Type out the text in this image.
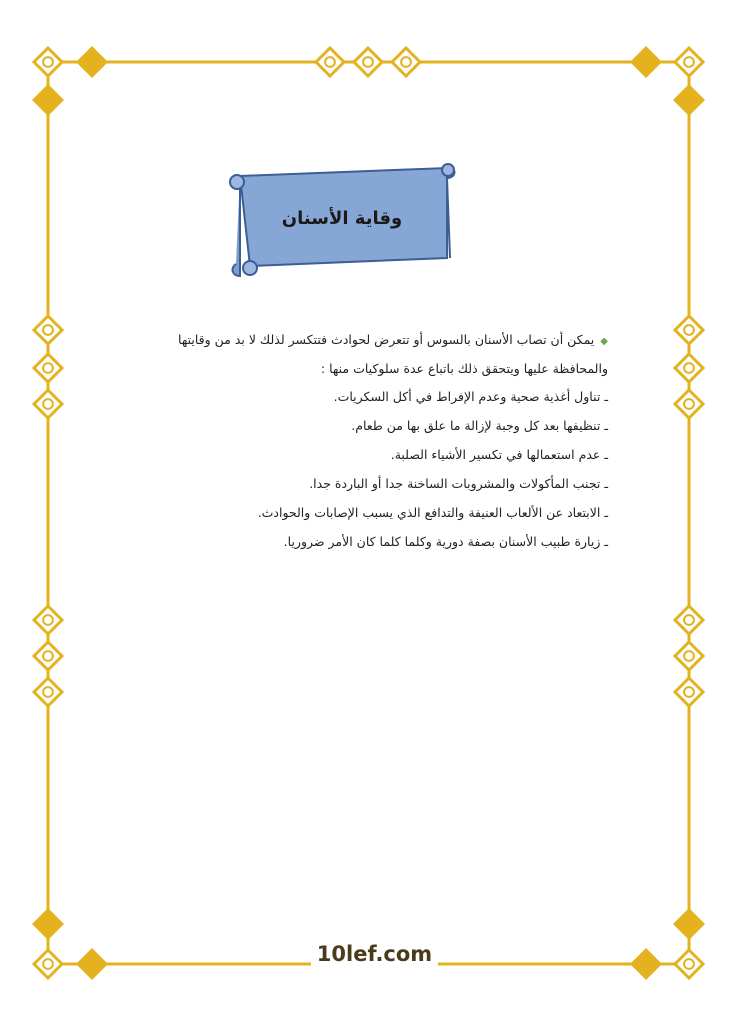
وقاية الأسنان

◆يمكن أن تصاب الأسنان بالسوس أو تتعرض لحوادث فتتكسر لذلك لا بد من وقايتها والمحافظة عليها ويتحقق ذلك باتباع عدة سلوكيات منها :

ـ تناول أغذية صحية وعدم الإفراط في أكل السكريات.
ـ تنظيفها بعد كل وجبة لإزالة ما علق بها من طعام.
ـ عدم استعمالها في تكسير الأشياء الصلبة.
ـ تجنب المأكولات والمشروبات الساخنة جدا أو الباردة جدا.
ـ الابتعاد عن الألعاب العنيفة والتدافع الذي يسبب الإصابات والحوادث.
ـ زيارة طبيب الأسنان بصفة دورية وكلما كلما كان الأمر ضروريا.
10lef.com
